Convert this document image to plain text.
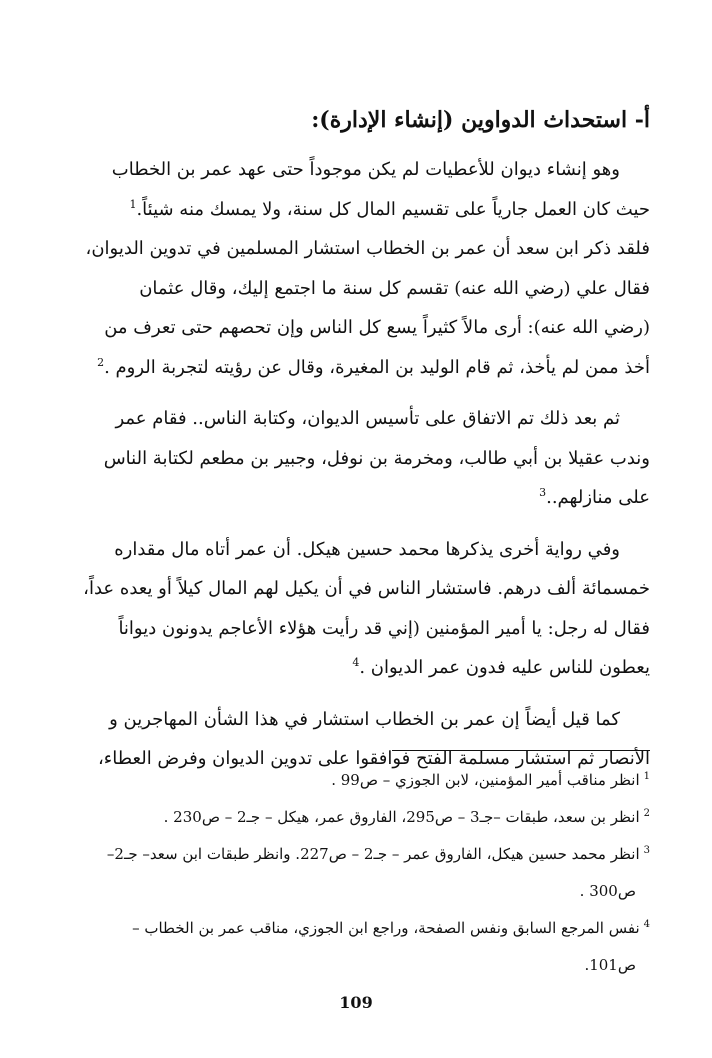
أ- استحداث الدواوين (إنشاء الإدارة):
وهو إنشاء ديوان للأعطيات لم يكن موجوداً حتى عهد عمر بن الخطاب
حيث كان العمل جارياً على تقسيم المال كل سنة، ولا يمسك منه شيئاً.$^1$
فلقد ذكر ابن سعد أن عمر بن الخطاب استشار المسلمين في تدوين الديوان،
فقال علي (رضي الله عنه) تقسم كل سنة ما اجتمع إليك، وقال عثمان
(رضي الله عنه): أرى مالاً كثيراً يسع كل الناس وإن تحصهم حتى تعرف من
أخذ ممن لم يأخذ، ثم قام الوليد بن المغيرة، وقال عن رؤيته لتجربة الروم .$^2$
ثم بعد ذلك تم الاتفاق على تأسيس الديوان، وكتابة الناس.. فقام عمر
وندب عقيلا بن أبي طالب، ومخرمة بن نوفل، وجبير بن مطعم لكتابة الناس
على منازلهم..$^3$
وفي رواية أخرى يذكرها محمد حسين هيكل. أن عمر أتاه مال مقداره
خمسمائة ألف درهم. فاستشار الناس في أن يكيل لهم المال كيلاً أو يعده عداً،
فقال له رجل: يا أمير المؤمنين (إني قد رأيت هؤلاء الأعاجم يدونون ديواناً
يعطون للناس عليه فدون عمر الديوان .$^4$
كما قيل أيضاً إن عمر بن الخطاب استشار في هذا الشأن المهاجرين و
الأنصار ثم استشار مسلمة الفتح فوافقوا على تدوين الديوان وفرض العطاء،
$^1$انظر مناقب أمير المؤمنين، لابن الجوزي – ص99 .
$^2$انظر بن سعد، طبقات –جـ3 – ص295، الفاروق عمر، هيكل – جـ2 – ص230 .
$^3$انظر محمد حسين هيكل، الفاروق عمر – جـ2 – ص227. وانظر طبقات ابن سعد– جـ2–
ص300 .
$^4$نفس المرجع السابق ونفس الصفحة، وراجع ابن الجوزي، مناقب عمر بن الخطاب –
ص101.
109
